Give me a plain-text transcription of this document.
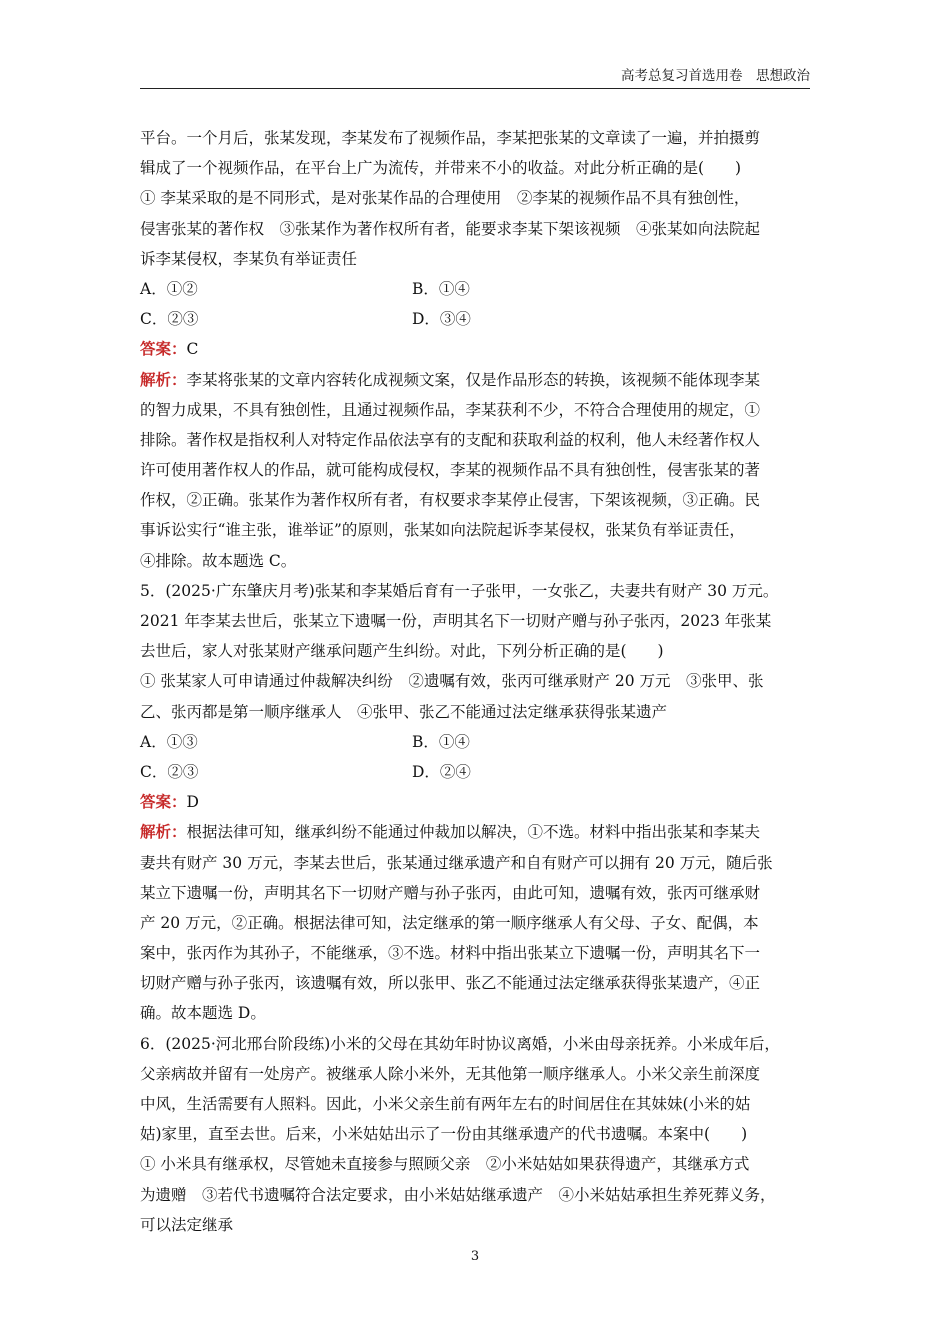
高考总复习首选用卷　思想政治
平台。一个月后，张某发现，李某发布了视频作品，李某把张某的文章读了一遍，并拍摄剪
辑成了一个视频作品，在平台上广为流传，并带来不小的收益。对此分析正确的是(　　)
① 李某采取的是不同形式，是对张某作品的合理使用　②李某的视频作品不具有独创性，
侵害张某的著作权　③张某作为著作权所有者，能要求李某下架该视频　④张某如向法院起
诉李某侵权，李某负有举证责任
A．①②	B．①④
C．②③	D．③④
答案：C
解析：李某将张某的文章内容转化成视频文案，仅是作品形态的转换，该视频不能体现李某
的智力成果，不具有独创性，且通过视频作品，李某获利不少，不符合合理使用的规定，①
排除。著作权是指权利人对特定作品依法享有的支配和获取利益的权利，他人未经著作权人
许可使用著作权人的作品，就可能构成侵权，李某的视频作品不具有独创性，侵害张某的著
作权，②正确。张某作为著作权所有者，有权要求李某停止侵害，下架该视频，③正确。民
事诉讼实行“谁主张，谁举证”的原则，张某如向法院起诉李某侵权，张某负有举证责任，
④排除。故本题选 C。
5．(2025·广东肇庆月考)张某和李某婚后育有一子张甲，一女张乙，夫妻共有财产 30 万元。
2021 年李某去世后，张某立下遗嘱一份，声明其名下一切财产赠与孙子张丙，2023 年张某
去世后，家人对张某财产继承问题产生纠纷。对此，下列分析正确的是(　　)
① 张某家人可申请通过仲裁解决纠纷　②遗嘱有效，张丙可继承财产 20 万元　③张甲、张
乙、张丙都是第一顺序继承人　④张甲、张乙不能通过法定继承获得张某遗产
A．①③	B．①④
C．②③	D．②④
答案：D
解析：根据法律可知，继承纠纷不能通过仲裁加以解决，①不选。材料中指出张某和李某夫
妻共有财产 30 万元，李某去世后，张某通过继承遗产和自有财产可以拥有 20 万元，随后张
某立下遗嘱一份，声明其名下一切财产赠与孙子张丙，由此可知，遗嘱有效，张丙可继承财
产 20 万元，②正确。根据法律可知，法定继承的第一顺序继承人有父母、子女、配偶，本
案中，张丙作为其孙子，不能继承，③不选。材料中指出张某立下遗嘱一份，声明其名下一
切财产赠与孙子张丙，该遗嘱有效，所以张甲、张乙不能通过法定继承获得张某遗产，④正
确。故本题选 D。
6．(2025·河北邢台阶段练)小米的父母在其幼年时协议离婚，小米由母亲抚养。小米成年后，
父亲病故并留有一处房产。被继承人除小米外，无其他第一顺序继承人。小米父亲生前深度
中风，生活需要有人照料。因此，小米父亲生前有两年左右的时间居住在其妹妹(小米的姑
姑)家里，直至去世。后来，小米姑姑出示了一份由其继承遗产的代书遗嘱。本案中(　　)
① 小米具有继承权，尽管她未直接参与照顾父亲　②小米姑姑如果获得遗产，其继承方式
为遗赠　③若代书遗嘱符合法定要求，由小米姑姑继承遗产　④小米姑姑承担生养死葬义务，
可以法定继承
3
